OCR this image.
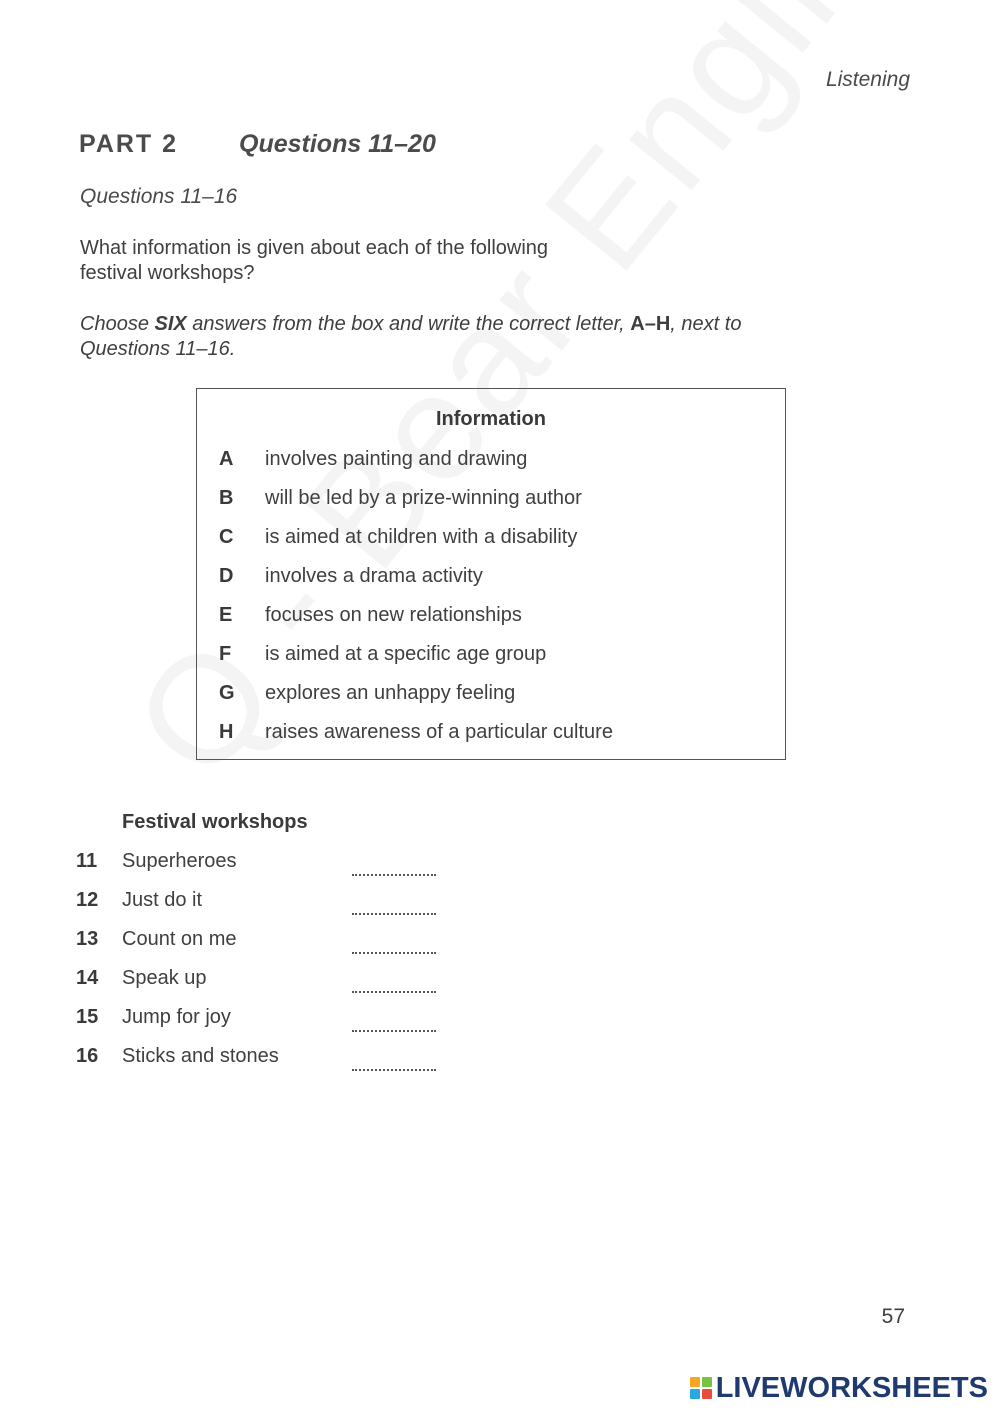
Listening
PART 2 Questions 11–20
Questions 11–16
What information is given about each of the following
festival workshops?
Choose SIX answers from the box and write the correct letter, A–H, next to
Questions 11–16.
Information
A involves painting and drawing
B will be led by a prize-winning author
C is aimed at children with a disability
D involves a drama activity
E focuses on new relationships
F is aimed at a specific age group
G explores an unhappy feeling
H raises awareness of a particular culture
Festival workshops
11 Superheroes
12 Just do it
13 Count on me
14 Speak up
15 Jump for joy
16 Sticks and stones
57
LIVEWORKSHEETS
